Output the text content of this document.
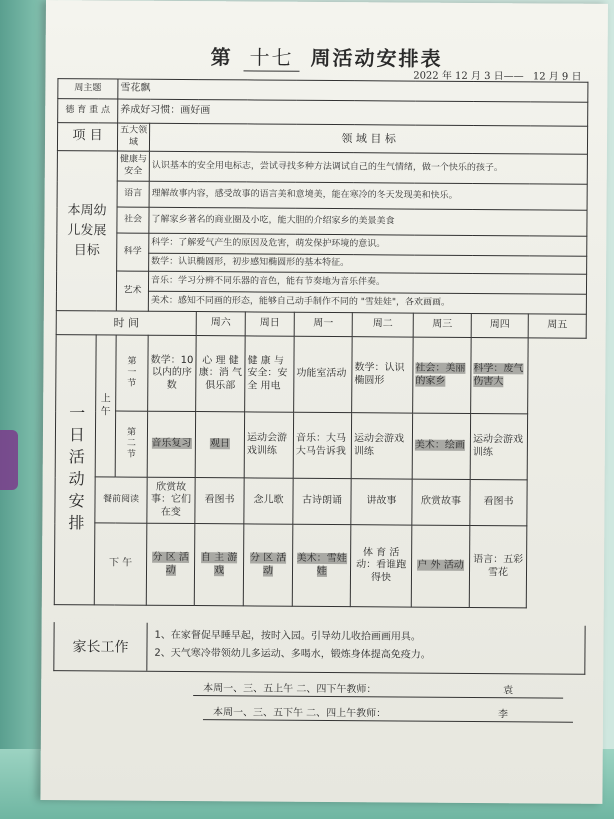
第 十七 周活动安排表
2022 年 12 月 3 日—— 12 月 9 日
周主题		雪花飘								
德 育 重 点		养成好习惯：画好画								
项 目		五大领域	领 域 目 标							

本周幼儿发展目标		健康与安全	认识基本的安全用电标志，尝试寻找多种方法调试自己的生气情绪，做一个快乐的孩子。							
		语言	理解故事内容，感受故事的语言美和意境美，能在寒冷的冬天发现美和快乐。							
		社会	了解家乡著名的商业圈及小吃，能大胆的介绍家乡的美景美食							
		科学	科学：了解爱气产生的原因及危害，萌发保护环境的意识。							
			数学：认识椭圆形，初步感知椭圆形的基本特征。							
		艺术	音乐：学习分辨不同乐器的音色，能有节奏地为音乐伴奏。							
			美术：感知不同画的形态，能够自己动手制作不同的 "雪娃娃"，各欢画画。							
时 间				周六	周日	周一	周二	周三	周四	周五

一日活动安排	上午	第一节	数学：10 以内的序数	心 理 健 康：消 气俱乐部	健 康 与 安全：安 全 用电	功能室活动	数学：认识椭圆形	社会：美丽的家乡	科学：废气伤害大	

		第二节	音乐复习	观日	运动会游戏训练	音乐：大马大马告诉我	运动会游戏训练	美术：绘画	运动会游戏训练	
	餐前阅读		欣赏故事：它们在变	看图书	念儿歌	古诗朗诵	讲故事	欣赏故事	看图书	
	下 午		分 区 活动	自 主 游戏	分 区 活动	美术：雪娃娃	体 育 活动：看谁跑得快	户 外 活动	语言：五彩雪花	
家长工作
1、在家督促早睡早起，按时入园。引导幼儿收拾画画用具。
2、天气寒冷带领幼儿多运动、多喝水，锻炼身体提高免疫力。
本周一、三、五上午 二、四下午教师：	袁
本周一、三、五下午 二、四上午教师：	李
